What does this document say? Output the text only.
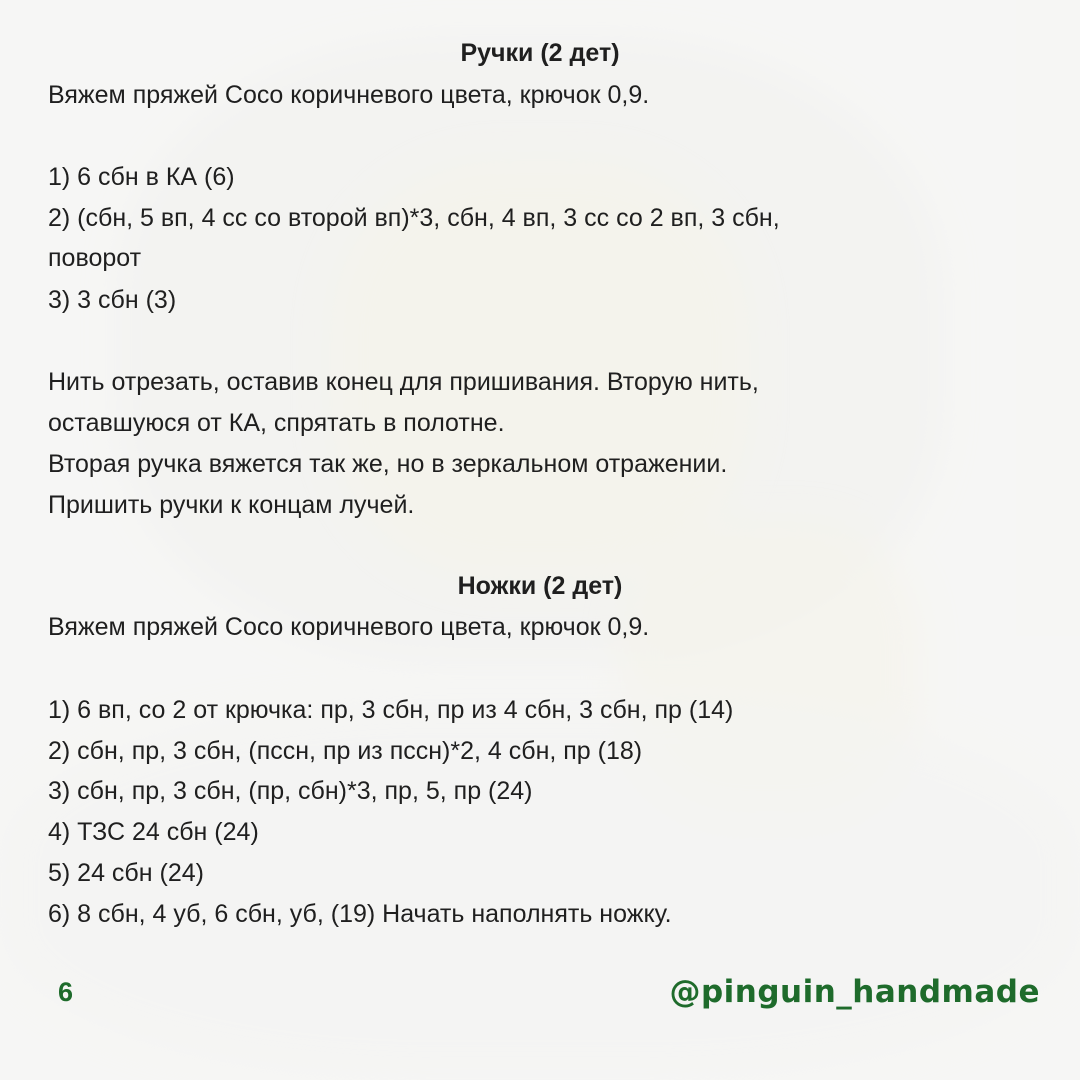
Ручки (2 дет)
Вяжем пряжей Coco коричневого цвета, крючок 0,9.
1) 6 сбн в КА (6)
2) (сбн, 5 вп, 4 сс со второй вп)*3, сбн, 4 вп, 3 сс со 2 вп, 3 сбн,
поворот
3) 3 сбн (3)
Нить отрезать, оставив конец для пришивания. Вторую нить,
оставшуюся от КА, спрятать в полотне.
Вторая ручка вяжется так же, но в зеркальном отражении.
Пришить ручки к концам лучей.
Ножки (2 дет)
Вяжем пряжей Coco коричневого цвета, крючок 0,9.
1) 6 вп, со 2 от крючка: пр, 3 сбн, пр из 4 сбн, 3 сбн, пр (14)
2) сбн, пр, 3 сбн, (пссн, пр из пссн)*2, 4 сбн, пр (18)
3) сбн, пр, 3 сбн, (пр, сбн)*3, пр, 5, пр (24)
4) ТЗС 24 сбн (24)
5) 24 сбн (24)
6) 8 сбн, 4 уб, 6 сбн, уб, (19) Начать наполнять ножку.
6	@pinguin_handmade
